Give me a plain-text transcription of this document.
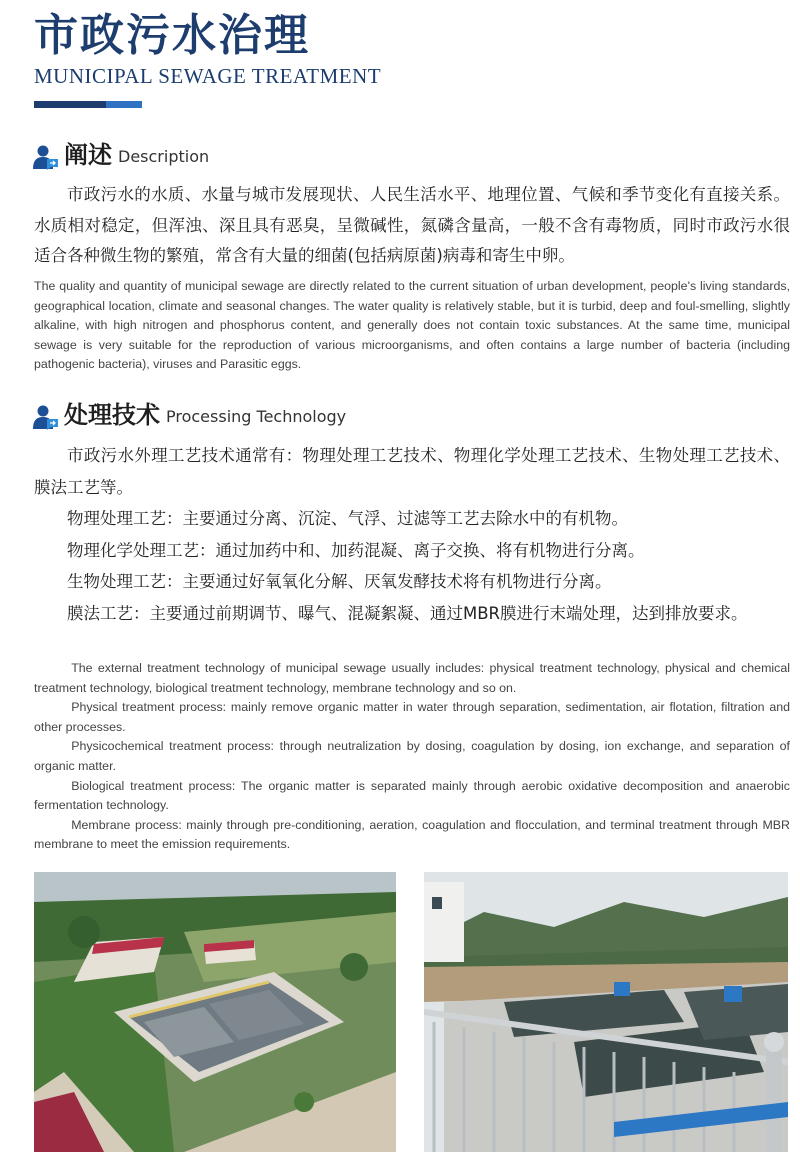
市政污水治理
MUNICIPAL SEWAGE TREATMENT
阐述 Description

市政污水的水质、水量与城市发展现状、人民生活水平、地理位置、气候和季节变化有直接关系。水质相对稳定，但浑浊、深且具有恶臭，呈微碱性，氮磷含量高，一般不含有毒物质，同时市政污水很适合各种微生物的繁殖，常含有大量的细菌(包括病原菌)病毒和寄生中卵。

The quality and quantity of municipal sewage are directly related to the current situation of urban development, people's living standards, geographical location, climate and seasonal changes. The water quality is relatively stable, but it is turbid, deep and foul-smelling, slightly alkaline, with high nitrogen and phosphorus content, and generally does not contain toxic substances. At the same time, municipal sewage is very suitable for the reproduction of various microorganisms, and often contains a large number of bacteria (including pathogenic bacteria), viruses and Parasitic eggs.

处理技术 Processing Technology

市政污水外理工艺技术通常有：物理处理工艺技术、物理化学处理工艺技术、生物处理工艺技术、膜法工艺等。

物理处理工艺：主要通过分离、沉淀、气浮、过滤等工艺去除水中的有机物。

物理化学处理工艺：通过加药中和、加药混凝、离子交换、将有机物进行分离。

生物处理工艺：主要通过好氧氧化分解、厌氧发酵技术将有机物进行分离。

膜法工艺：主要通过前期调节、曝气、混凝絮凝、通过MBR膜进行末端处理，达到排放要求。

The external treatment technology of municipal sewage usually includes: physical treatment technology, physical and chemical treatment technology, biological treatment technology, membrane technology and so on.

Physical treatment process: mainly remove organic matter in water through separation, sedimentation, air flotation, filtration and other processes.

Physicochemical treatment process: through neutralization by dosing, coagulation by dosing, ion exchange, and separation of organic matter.

Biological treatment process: The organic matter is separated mainly through aerobic oxidative decomposition and anaerobic fermentation technology.

Membrane process: mainly through pre-conditioning, aeration, coagulation and flocculation, and terminal treatment through MBR membrane to meet the emission requirements.
